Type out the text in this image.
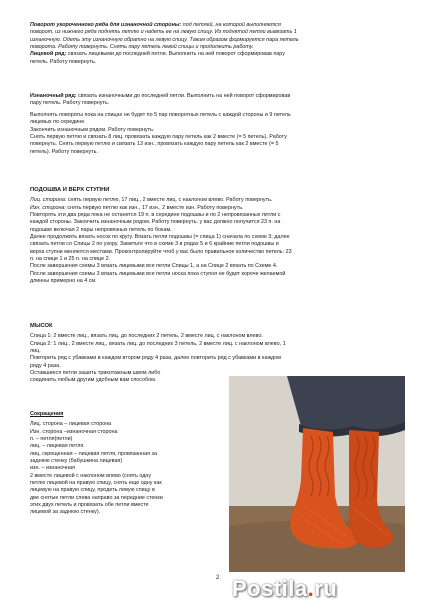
Поворот укороченного ряда для изнаночной стороны: под петлей, на которой выполняется

поворот, из нижнего ряда поднять петлю и надеть ее на левую спицу. Из поднятой петли вывязать 1

изнаночную. Одеть эту изнаночную обратно на левую спицу. Таким образом формируется пара петель

поворота. Работу повернуть. Снять пару петель левой спицы и продолжить работу.

Лицевой ряд: связать лицевыми до последней петли. Выполнить на ней поворот сформировав пару

петель. Работу повернуть.

Изнаночный ряд: связать изнаночными до последней петли. Выполнить на ней поворот сформировав

пару петель. Работу повернуть.

Выполнять повороты пока на спицах не будет по 5 пар поворотных петель с каждой стороны и 9 петель

лицевых по середине.

Закончить изнаночным рядом. Работу повернуть.

Снять первую петлю и связать 8 лиц. провязать каждую пару петель как 2 вместе (= 5 петель). Работу

повернуть. Снять первую петлю и связать 13 изн., провязать каждую пару петель как 2 вместе (= 5

петель). Работу повернуть.

ПОДОШВА И ВЕРХ СТУПНИ

Лиц. сторона: снять первую петлю, 17 лиц., 2 вместе лиц. с наклоном влево. Работу повернуть.

Изн. сторона: снять первую петлю как изн., 17 изн., 2 вместе изн. Работу повернуть.

Повторять эти два ряда пока не останется 19 п. в середине подошвы и по 2 непровязанных петли с

каждой стороны. Закончить изнаночным рядом. Работу повернуть. у вас должно получится 23 п. на

подошве включая 2 пары непровязных петель по бокам.

Далее продолжить вязать носок по кругу. Вязать петли подошвы (= спица 1) сначала по схеме 3; далее

связать петли со Спицы 2 по узору. Заметьте что в схеме 3 в рядах 5 и 6 крайние петли подошвы и

верха ступни меняются местами. Проконтролируйте чтоб у вас было правильное количество петель: 23

п. на спице 1 и 25 п. на спице 2.

После завершения схемы 3 вязать лицевыми все петли Спицы 1, а на Спице 2 вязать по Схеме 4.

После завершения схемы 3 вязать лицевыми все петли носка пока ступня не будет короче желаемой

длинны примерно на 4 см.

МЫСОК

Спица 1: 2 вместе лиц., вязать лиц. до последних 2 петель, 2 вместе лиц. с наклоном влево.

Спица 2: 1 лиц., 2 вместе лиц., вязать лиц. до последних 3 петель, 2 вместе лиц. с наклоном влево, 1

лиц.

Повторить ряд с убавками в каждом втором ряду 4 раза, далее повторить ряд с убавками в каждом

ряду 4 раза.

Оставшиеся петли зашить трикотажным швом либо

соединить любым другим удобным вам способом.

Сокращения

Лиц. сторона – лицевая сторона

Изн. сторона –изнаночная сторона

п. – петля(петли)

лиц. – лицевая петля.

лиц. скрещенная – лицевая петля, провязанная за

заднюю стенку (бабушкина лицевая)

изн. – изнаночная

2 вместе лицевой с наклоном влево (снять одну

петлю лицевой на правую спицу, снять еще одну как

лицевую на правую спицу, продеть левую спицу в

две снятые петли слева направо за передние стенки

этих двух петель и провязать обе петли вместе

лицевой за заднюю стенку).

2 Postila.ru
